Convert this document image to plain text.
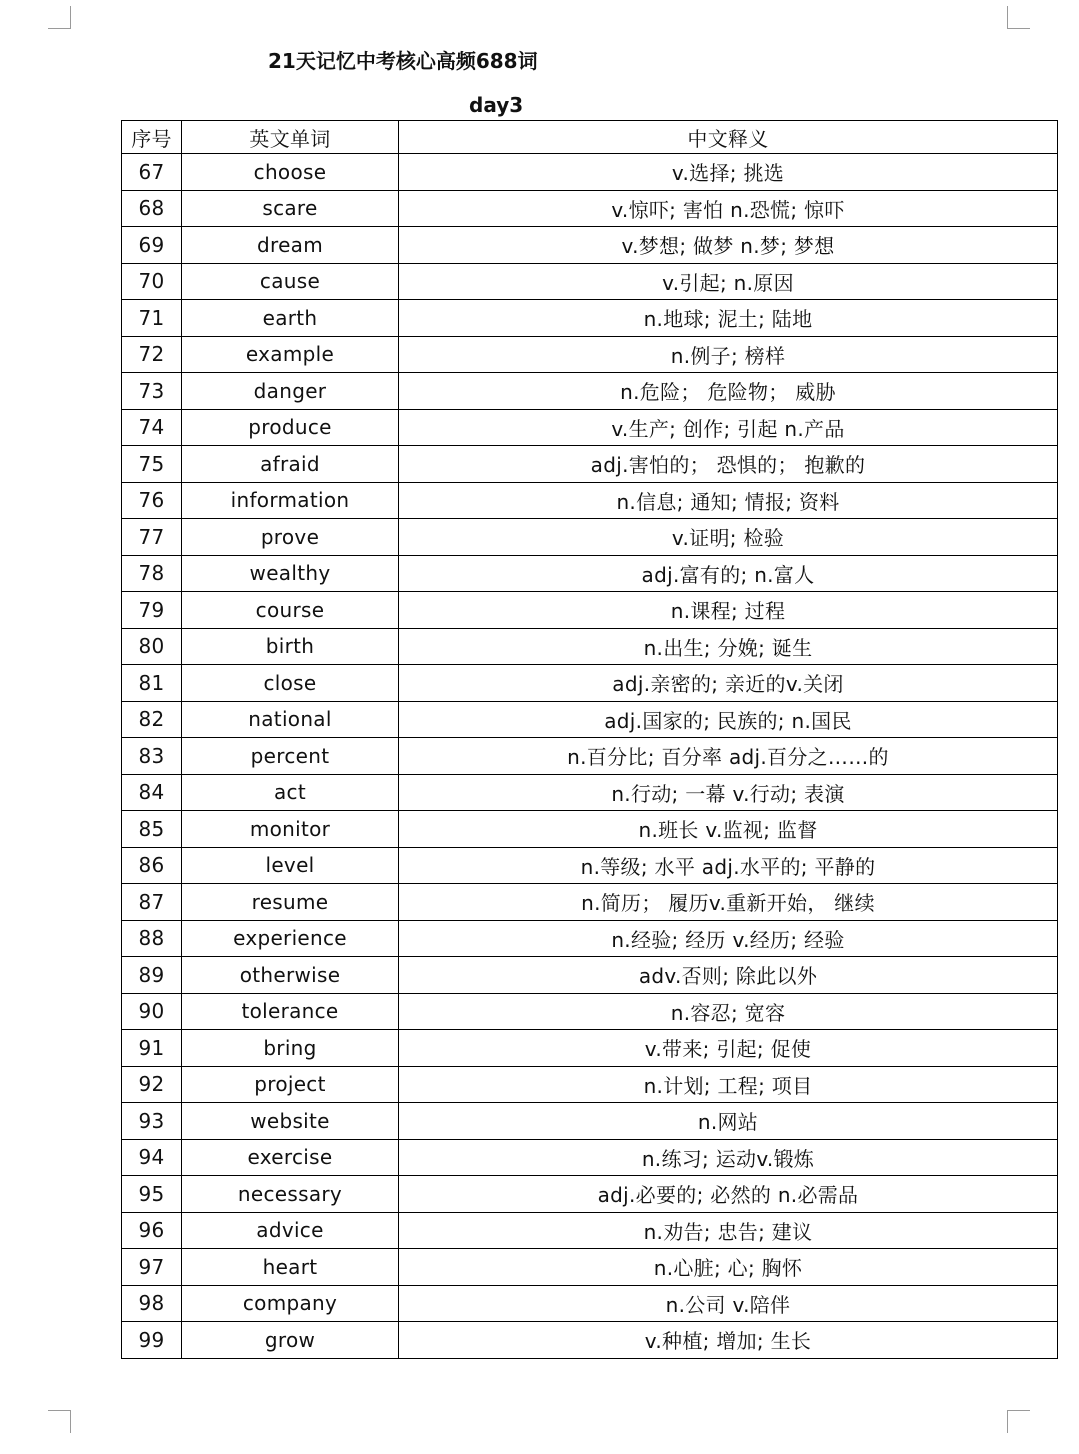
21天记忆中考核心高频688词
day3
序号	英文单词	中文释义
67	choose	v.选择; 挑选
68	scare	v.惊吓; 害怕 n.恐慌; 惊吓
69	dream	v.梦想; 做梦 n.梦; 梦想
70	cause	v.引起; n.原因
71	earth	n.地球; 泥土; 陆地
72	example	n.例子; 榜样
73	danger	n.危险； 危险物； 威胁
74	produce	v.生产; 创作; 引起 n.产品
75	afraid	adj.害怕的； 恐惧的； 抱歉的
76	information	n.信息; 通知; 情报; 资料
77	prove	v.证明; 检验
78	wealthy	adj.富有的; n.富人
79	course	n.课程; 过程
80	birth	n.出生; 分娩; 诞生
81	close	adj.亲密的; 亲近的v.关闭
82	national	adj.国家的; 民族的; n.国民
83	percent	n.百分比; 百分率 adj.百分之……的
84	act	n.行动; 一幕 v.行动; 表演
85	monitor	n.班长 v.监视; 监督
86	level	n.等级; 水平 adj.水平的; 平静的
87	resume	n.简历； 履历v.重新开始， 继续
88	experience	n.经验; 经历 v.经历; 经验
89	otherwise	adv.否则; 除此以外
90	tolerance	n.容忍; 宽容
91	bring	v.带来; 引起; 促使
92	project	n.计划; 工程; 项目
93	website	n.网站
94	exercise	n.练习; 运动v.锻炼
95	necessary	adj.必要的; 必然的 n.必需品
96	advice	n.劝告; 忠告; 建议
97	heart	n.心脏; 心; 胸怀
98	company	n.公司 v.陪伴
99	grow	v.种植; 增加; 生长
